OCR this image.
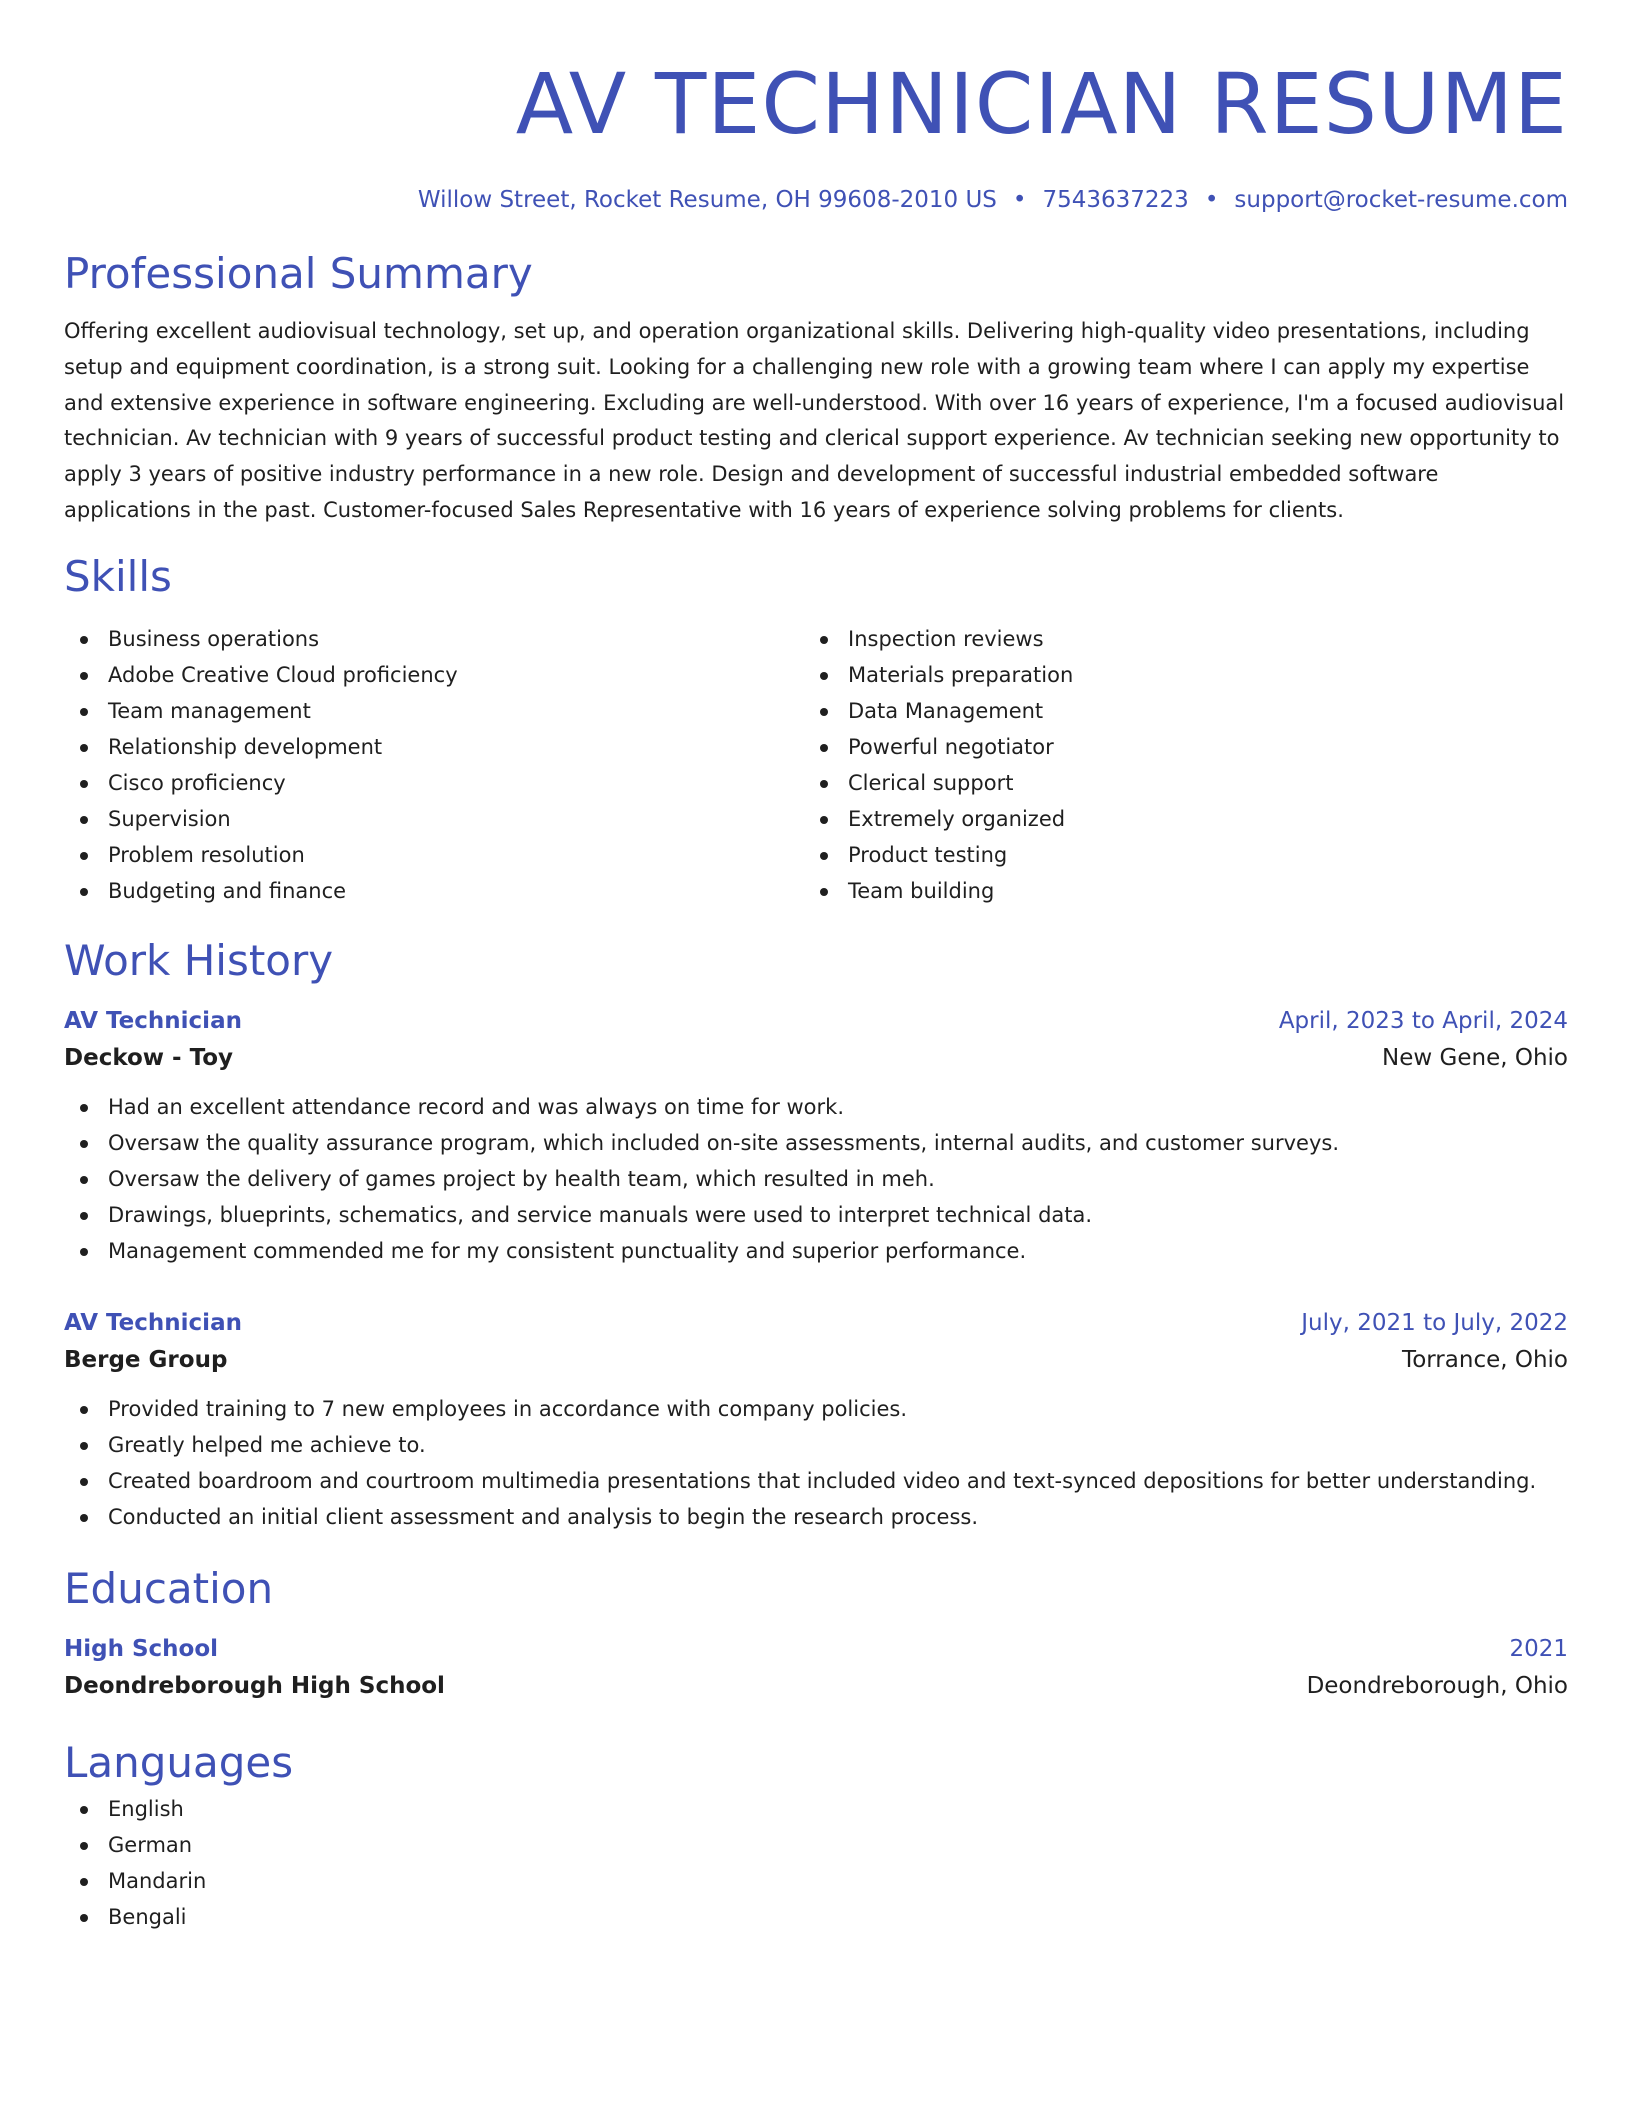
AV TECHNICIAN RESUME
Willow Street, Rocket Resume, OH 99608-2010 US • 7543637223 • support@rocket-resume.com
Professional Summary

Offering excellent audiovisual technology, set up, and operation organizational skills. Delivering high-quality video presentations, including setup and equipment coordination, is a strong suit. Looking for a challenging new role with a growing team where I can apply my expertise and extensive experience in software engineering. Excluding are well-understood. With over 16 years of experience, I'm a focused audiovisual technician. Av technician with 9 years of successful product testing and clerical support experience. Av technician seeking new opportunity to apply 3 years of positive industry performance in a new role. Design and development of successful industrial embedded software applications in the past. Customer-focused Sales Representative with 16 years of experience solving problems for clients.

Skills
Business operations
Adobe Creative Cloud proficiency
Team management
Relationship development
Cisco proficiency
Supervision
Problem resolution
Budgeting and finance
Inspection reviews
Materials preparation
Data Management
Powerful negotiator
Clerical support
Extremely organized
Product testing
Team building
Work History
AV Technician	April, 2023 to April, 2024
Deckow - Toy	New Gene, Ohio
Had an excellent attendance record and was always on time for work.
Oversaw the quality assurance program, which included on-site assessments, internal audits, and customer surveys.
Oversaw the delivery of games project by health team, which resulted in meh.
Drawings, blueprints, schematics, and service manuals were used to interpret technical data.
Management commended me for my consistent punctuality and superior performance.
AV Technician	July, 2021 to July, 2022
Berge Group	Torrance, Ohio
Provided training to 7 new employees in accordance with company policies.
Greatly helped me achieve to.
Created boardroom and courtroom multimedia presentations that included video and text-synced depositions for better understanding.
Conducted an initial client assessment and analysis to begin the research process.
Education
High School	2021
Deondreborough High School	Deondreborough, Ohio
Languages
English
German
Mandarin
Bengali
